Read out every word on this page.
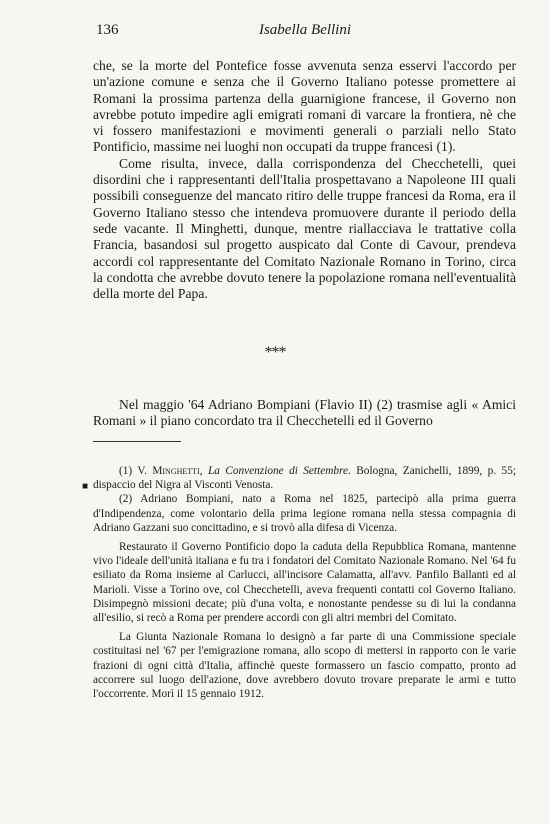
136	Isabella Bellini

che, se la morte del Pontefice fosse avvenuta senza esservi l'accordo per un'azione comune e senza che il Governo Italiano potesse prometterе ai Romani la prossima partenza della guarnigione francese, il Governo non avrebbe potuto impedire agli emigrati romani di varcare la frontiera, nè che vi fossero manifestazioni e movimenti generali o parziali nello Stato Pontificio, massime nei luoghi non occupati da truppe francesi (1).

Come risulta, invece, dalla corrispondenza del Checchetelli, quei disordini che i rappresentanti dell'Italia prospettavano a Napoleone III quali possibili conseguenze del mancato ritiro delle truppe francesi da Roma, era il Governo Italiano stesso che intendeva promuovere durante il periodo della sede vacante. Il Minghetti, dunque, mentre riallacciava le trattative colla Francia, basandosi sul progetto auspicato dal Conte di Cavour, prendeva accordi col rappresentante del Comitato Nazionale Romano in Torino, circa la condotta che avrebbe dovuto tenere la popolazione romana nell'eventualità della morte del Papa.

***

Nel maggio '64 Adriano Bompiani (Flavio II) (2) trasmise agli « Amici Romani » il piano concordato tra il Checchetelli ed il Governo

■

(1) V. Minghetti, La Convenzione di Settembre. Bologna, Zanichelli, 1899, p. 55; dispaccio del Nigra al Visconti Venosta.

(2) Adriano Bompiani, nato a Roma nel 1825, partecipò alla prima guerra d'Indipendenza, come volontario della prima legione romana nella stessa compagnia di Adriano Gazzani suo concittadino, e si trovò alla difesa di Vicenza.

Restaurato il Governo Pontificio dopo la caduta della Repubblica Romana, mantenne vivo l'ideale dell'unità italiana e fu tra i fondatori del Comitato Nazionale Romano. Nel '64 fu esiliato da Roma insieme al Carlucci, all'incisore Calamatta, all'avv. Panfilo Ballanti ed al Marioli. Visse a Torino ove, col Checchetelli, aveva frequenti contatti col Governo Italiano. Disimpegnò missioni decate; più d'una volta, e nonostante pendesse su di lui la condanna all'esilio, si recò a Roma per prendere accordi con gli altri membri del Comitato.

La Giunta Nazionale Romana lo designò a far parte di una Commissione speciale costituitasi nel '67 per l'emigrazione romana, allo scopo di mettersi in rapporto con le varie frazioni di ogni città d'Italia, affinchè queste formassero un fascio compatto, pronto ad accorrere sul luogo dell'azione, dove avrebbero dovuto trovare preparate le armi e tutto l'occorrente. Morì il 15 gennaio 1912.
